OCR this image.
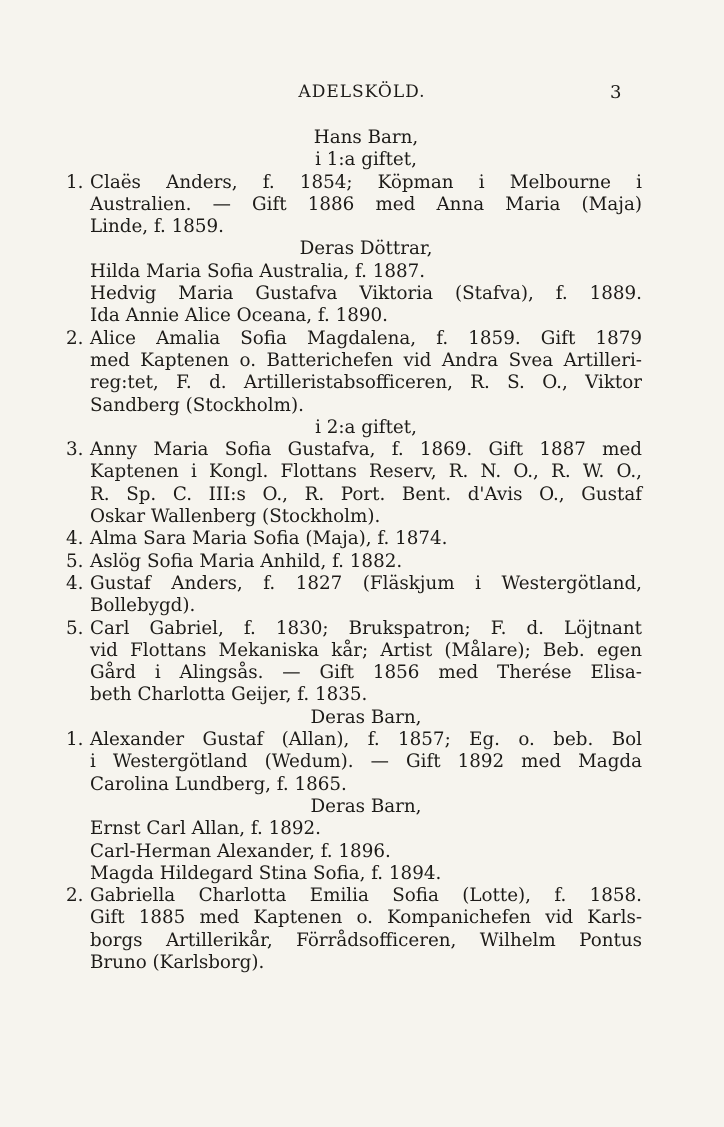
ADELSKÖLD.	3
Hans Barn,
i 1:a giftet,
1. Claës Anders, f. 1854; Köpman i Melbourne i
Australien. — Gift 1886 med Anna Maria (Maja)
Linde, f. 1859.
Deras Döttrar,
Hilda Maria Sofia Australia, f. 1887.
Hedvig Maria Gustafva Viktoria (Stafva), f. 1889.
Ida Annie Alice Oceana, f. 1890.
2. Alice Amalia Sofia Magdalena, f. 1859. Gift 1879
med Kaptenen o. Batterichefen vid Andra Svea Artilleri-
reg:tet, F. d. Artilleristabsofficeren, R. S. O., Viktor
Sandberg (Stockholm).
i 2:a giftet,
3. Anny Maria Sofia Gustafva, f. 1869. Gift 1887 med
Kaptenen i Kongl. Flottans Reserv, R. N. O., R. W. O.,
R. Sp. C. III:s O., R. Port. Bent. d'Avis O., Gustaf
Oskar Wallenberg (Stockholm).
4. Alma Sara Maria Sofia (Maja), f. 1874.
5. Aslög Sofia Maria Anhild, f. 1882.
4. Gustaf Anders, f. 1827 (Fläskjum i Westergötland,
Bollebygd).
5. Carl Gabriel, f. 1830; Brukspatron; F. d. Löjtnant
vid Flottans Mekaniska kår; Artist (Målare); Beb. egen
Gård i Alingsås. — Gift 1856 med Therése Elisa-
beth Charlotta Geijer, f. 1835.
Deras Barn,
1. Alexander Gustaf (Allan), f. 1857; Eg. o. beb. Bol
i Westergötland (Wedum). — Gift 1892 med Magda
Carolina Lundberg, f. 1865.
Deras Barn,
Ernst Carl Allan, f. 1892.
Carl-Herman Alexander, f. 1896.
Magda Hildegard Stina Sofia, f. 1894.
2. Gabriella Charlotta Emilia Sofia (Lotte), f. 1858.
Gift 1885 med Kaptenen o. Kompanichefen vid Karls-
borgs Artillerikår, Förrådsofficeren, Wilhelm Pontus
Bruno (Karlsborg).
